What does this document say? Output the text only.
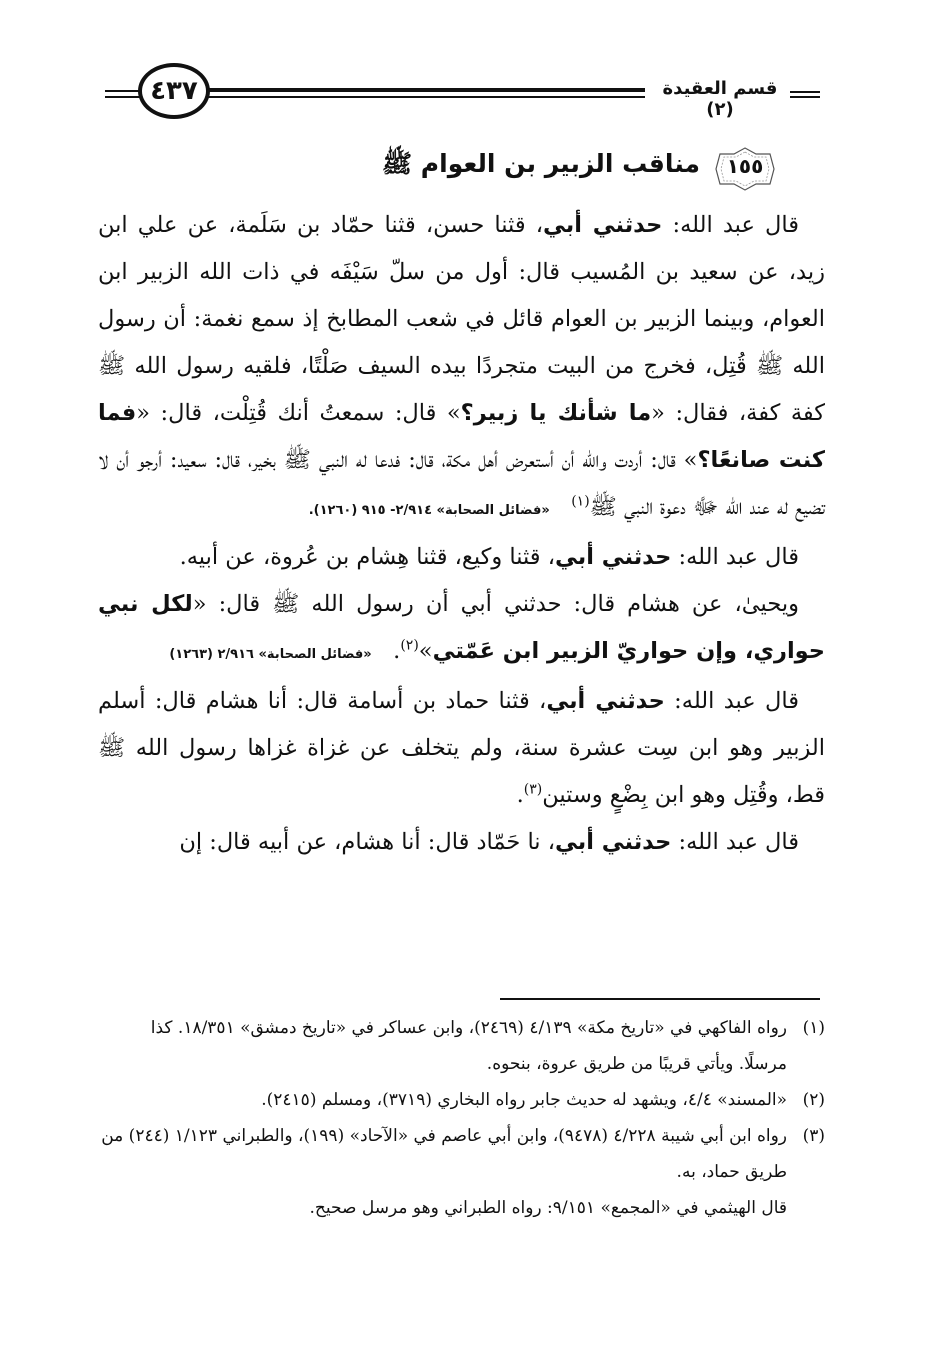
٤٣٧	قسم العقيدة (٢)
مناقب الزبير بن العوام ﷺ	١٥٥

قال عبد الله: حدثني أبي، قثنا حسن، قثنا حمّاد بن سَلَمة، عن علي ابن زيد، عن سعيد بن المُسيب قال: أول من سلّ سَيْفَه في ذات الله الزبير ابن العوام، وبينما الزبير بن العوام قائل في شعب المطابخ إذ سمع نغمة: أن رسول الله ﷺ قُتِل، فخرج من البيت متجردًا بيده السيف صَلْتًا، فلقيه رسول الله ﷺ كفة كفة، فقال: «ما شأنك يا زبير؟» قال: سمعتُ أنك قُتِلْت، قال: «فما كنت صانعًا؟» قال: أردت والله أن أستعرض أهل مكة، قال: فدعا له النبي ﷺ بخير، قال: سعيد: أرجو أن لا تضيع له عند الله ﷻ دعوة النبي ﷺ$^{(١)}$   «فضائل الصحابة» ٢/٩١٤- ٩١٥ (١٢٦٠).

قال عبد الله: حدثني أبي، قثنا وكيع، قثنا هِشام بن عُروة، عن أبيه.

ويحيىٰ، عن هشام قال: حدثني أبي أن رسول الله ﷺ قال: «لكل نبي حواري، وإن حواريّ الزبير ابن عَمّتي»$^{(٢)}$.   «فضائل الصحابة» ٢/٩١٦ (١٢٦٣)

قال عبد الله: حدثني أبي، قثنا حماد بن أسامة قال: أنا هشام قال: أسلم الزبير وهو ابن سِت عشرة سنة، ولم يتخلف عن غزاة غزاها رسول الله ﷺ قط، وقُتِل وهو ابن بِضْعٍ وستين$^{(٣)}$.

قال عبد الله: حدثني أبي، نا حَمّاد قال: أنا هشام، عن أبيه قال: إن

(١)
رواه الفاكهي في «تاريخ مكة» ٤/١٣٩ (٢٤٦٩)، وابن عساكر في «تاريخ دمشق» ١٨/٣٥١. كذا مرسلًا. ويأتي قريبًا من طريق عروة، بنحوه.

(٢)
«المسند» ٤/٤، ويشهد له حديث جابر رواه البخاري (٣٧١٩)، ومسلم (٢٤١٥).

(٣)
رواه ابن أبي شيبة ٤/٢٢٨ (٩٤٧٨)، وابن أبي عاصم في «الآحاد» (١٩٩)، والطبراني ١/١٢٣ (٢٤٤) من طريق حماد، به.

قال الهيثمي في «المجمع» ٩/١٥١: رواه الطبراني وهو مرسل صحيح.
